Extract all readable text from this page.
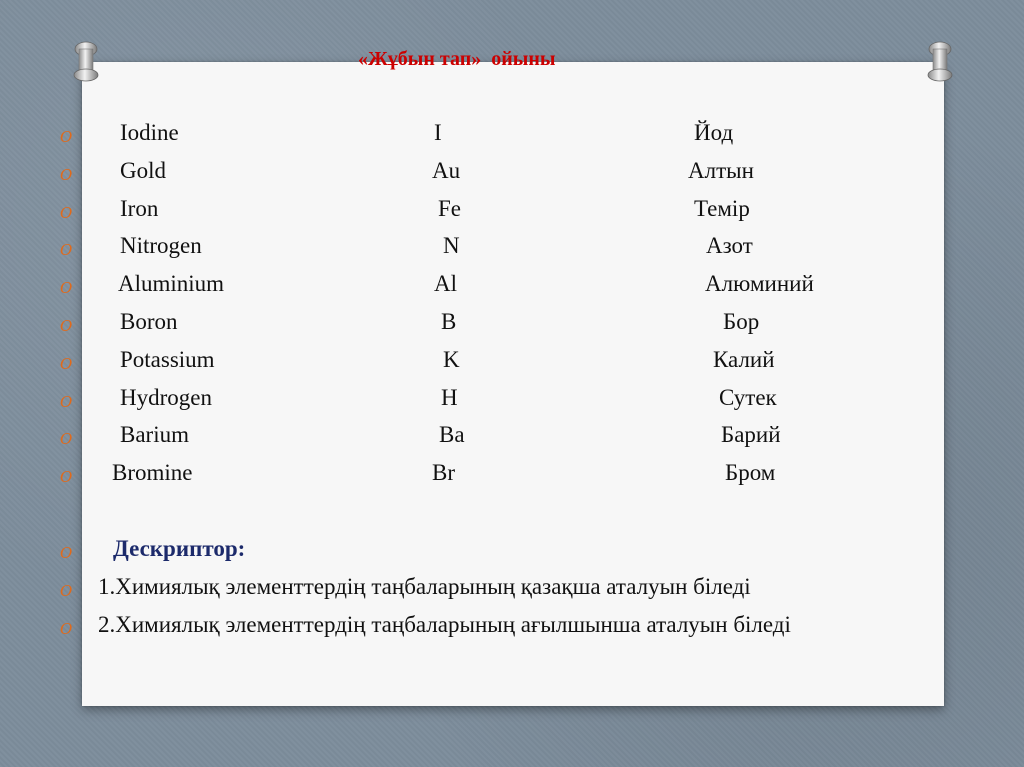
«Жұбын тап»  ойыны
O Iodine	I	Йод
O Gold	Au	Алтын
O Iron	Fe	Темір
O Nitrogen	N	Азот
O Aluminium	Al	Алюминий
O Boron	B	Бор
O Potassium	K	Калий
O Hydrogen	H	Сутек
O Barium	Ba	Барий
O Bromine	Br	Бром
O Дескриптор:
O 1.Химиялық элементтердің таңбаларының қазақша аталуын біледі
O 2.Химиялық элементтердің таңбаларының ағылшынша аталуын біледі
